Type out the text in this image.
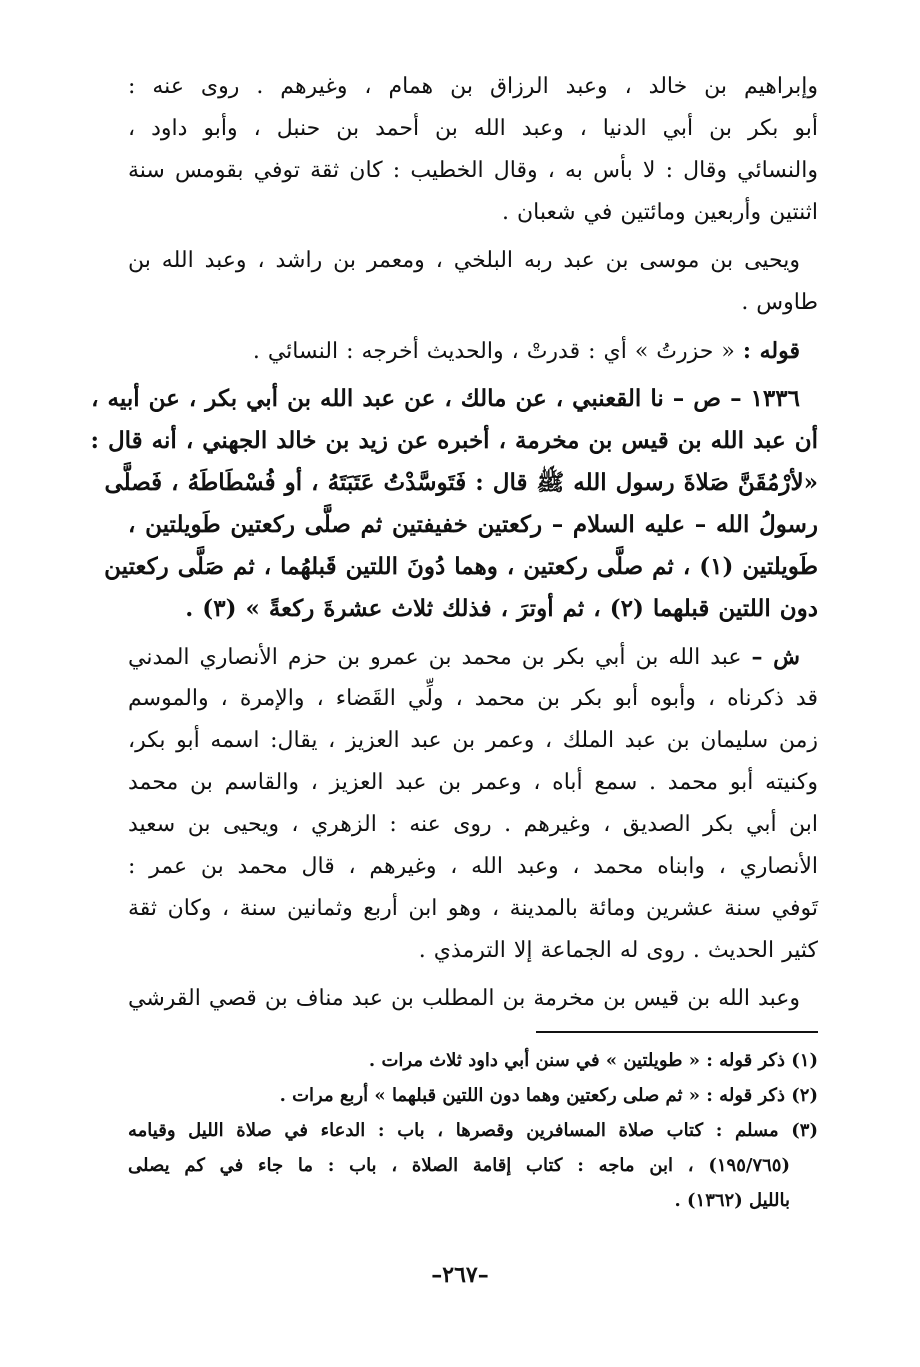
وإبراهيم بن خالد ، وعبد الرزاق بن همام ، وغيرهم . روى عنه :
أبو بكر بن أبي الدنيا ، وعبد الله بن أحمد بن حنبل ، وأبو داود ،
والنسائي وقال : لا بأس به ، وقال الخطيب : كان ثقة توفي بقومس سنة
اثنتين وأربعين ومائتين في شعبان .
ويحيى بن موسى بن عبد ربه البلخي ، ومعمر بن راشد ، وعبد الله بن
طاوس .
قوله : « حزرتُ » أي : قدرتْ ، والحديث أخرجه : النسائي .
١٣٣٦ – ص – نا القعنبي ، عن مالك ، عن عبد الله بن أبي بكر ، عن أبيه ،
أن عبد الله بن قيس بن مخرمة ، أخبره عن زيد بن خالد الجهني ، أنه قال :
«لأرْمُقَنَّ صَلاةَ رسول الله ﷺ قال : فَتَوسَّدْتُ عَتَبَتَهُ ، أو فُسْطَاطَهُ ، فَصلَّى
رسولُ الله – عليه السلام – ركعتين خفيفتين ثم صلَّى ركعتين طَويلتين ،
طَويلتين (١) ، ثم صلَّى ركعتين ، وهما دُونَ اللتين قَبلهُما ، ثم صَلَّى ركعتين
دون اللتين قبلهما (٢) ، ثم أوترَ ، فذلك ثلاث عشرةَ ركعةً » (٣) .
ش – عبد الله بن أبي بكر بن محمد بن عمرو بن حزم الأنصاري المدني
قد ذكرناه ، وأبوه أبو بكر بن محمد ، ولِّي القَضاء ، والإمرة ، والموسم
زمن سليمان بن عبد الملك ، وعمر بن عبد العزيز ، يقال: اسمه أبو بكر،
وكنيته أبو محمد . سمع أباه ، وعمر بن عبد العزيز ، والقاسم بن محمد
ابن أبي بكر الصديق ، وغيرهم . روى عنه : الزهري ، ويحيى بن سعيد
الأنصاري ، وابناه محمد ، وعبد الله ، وغيرهم ، قال محمد بن عمر :
تَوفي سنة عشرين ومائة بالمدينة ، وهو ابن أربع وثمانين سنة ، وكان ثقة
كثير الحديث . روى له الجماعة إلا الترمذي .
وعبد الله بن قيس بن مخرمة بن المطلب بن عبد مناف بن قصي القرشي
(١) ذكر قوله : « طويلتين » في سنن أبي داود ثلاث مرات .
(٢) ذكر قوله : « ثم صلى ركعتين وهما دون اللتين قبلهما » أربع مرات .
(٣) مسلم : كتاب صلاة المسافرين وقصرها ، باب : الدعاء في صلاة الليل وقيامه
(١٩٥/٧٦٥) ، ابن ماجه : كتاب إقامة الصلاة ، باب : ما جاء في كم يصلى
بالليل (١٣٦٢) .
–٢٦٧–
